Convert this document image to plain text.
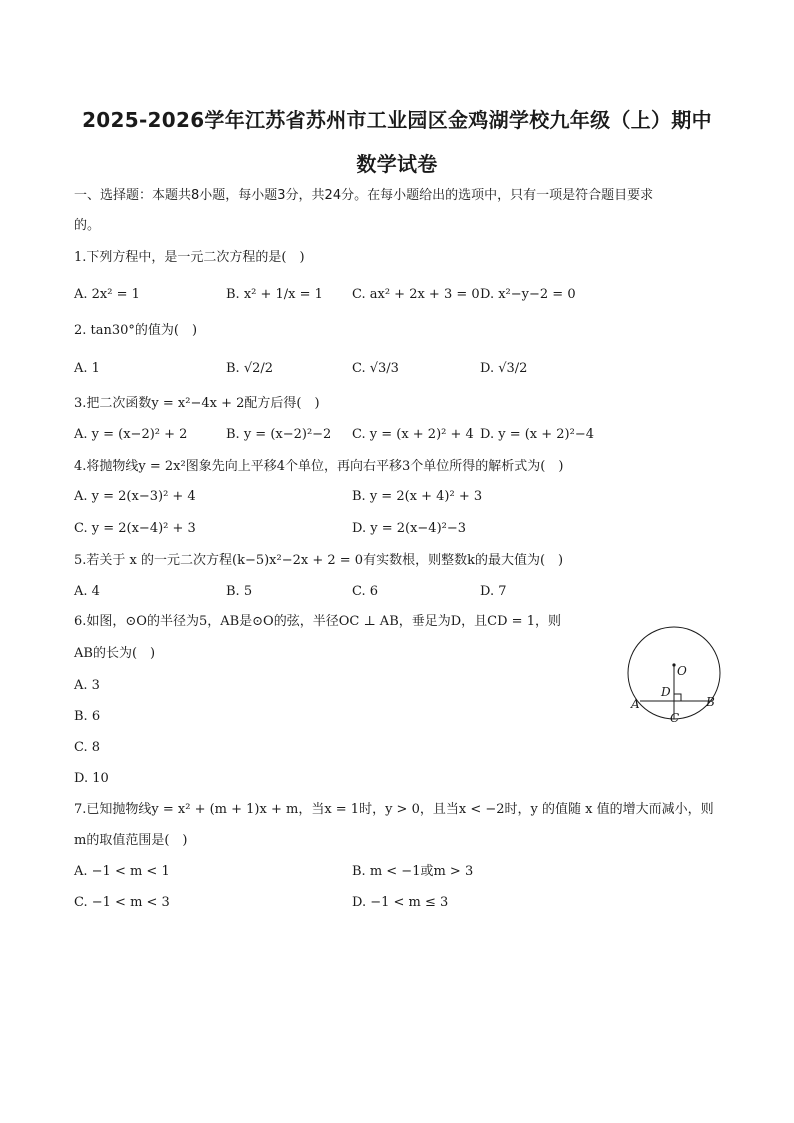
2025-2026学年江苏省苏州市工业园区金鸡湖学校九年级（上）期中
数学试卷
一、选择题：本题共8小题，每小题3分，共24分。在每小题给出的选项中，只有一项是符合题目要求
的。
1.下列方程中，是一元二次方程的是(　)
A. 2x² = 1	B. x² + 1/x = 1 C. ax² + 2x + 3 = 0 D. x²−y−2 = 0
2. tan30°的值为(　)
A. 1	B. √2/2	C. √3/3	D. √3/2
3.把二次函数y = x²−4x + 2配方后得(　)
A. y = (x−2)² + 2	B. y = (x−2)²−2 C. y = (x + 2)² + 4 D. y = (x + 2)²−4
4.将抛物线y = 2x²图象先向上平移4个单位，再向右平移3个单位所得的解析式为(　)
A. y = 2(x−3)² + 4	B. y = 2(x + 4)² + 3
C. y = 2(x−4)² + 3	D. y = 2(x−4)²−3
5.若关于 x 的一元二次方程(k−5)x²−2x + 2 = 0有实数根，则整数k的最大值为(　)
A. 4	B. 5	C. 6	D. 7
6.如图，⊙O的半径为5，AB是⊙O的弦，半径OC ⊥ AB，垂足为D，且CD = 1，则
AB的长为(　)
A. 3
B. 6
C. 8
D. 10
O
D
A	B
C
7.已知抛物线y = x² + (m + 1)x + m，当x = 1时，y > 0，且当x < −2时，y 的值随 x 值的增大而减小，则
m的取值范围是(　)
A. −1 < m < 1	B. m < −1或m > 3
C. −1 < m < 3	D. −1 < m ≤ 3
